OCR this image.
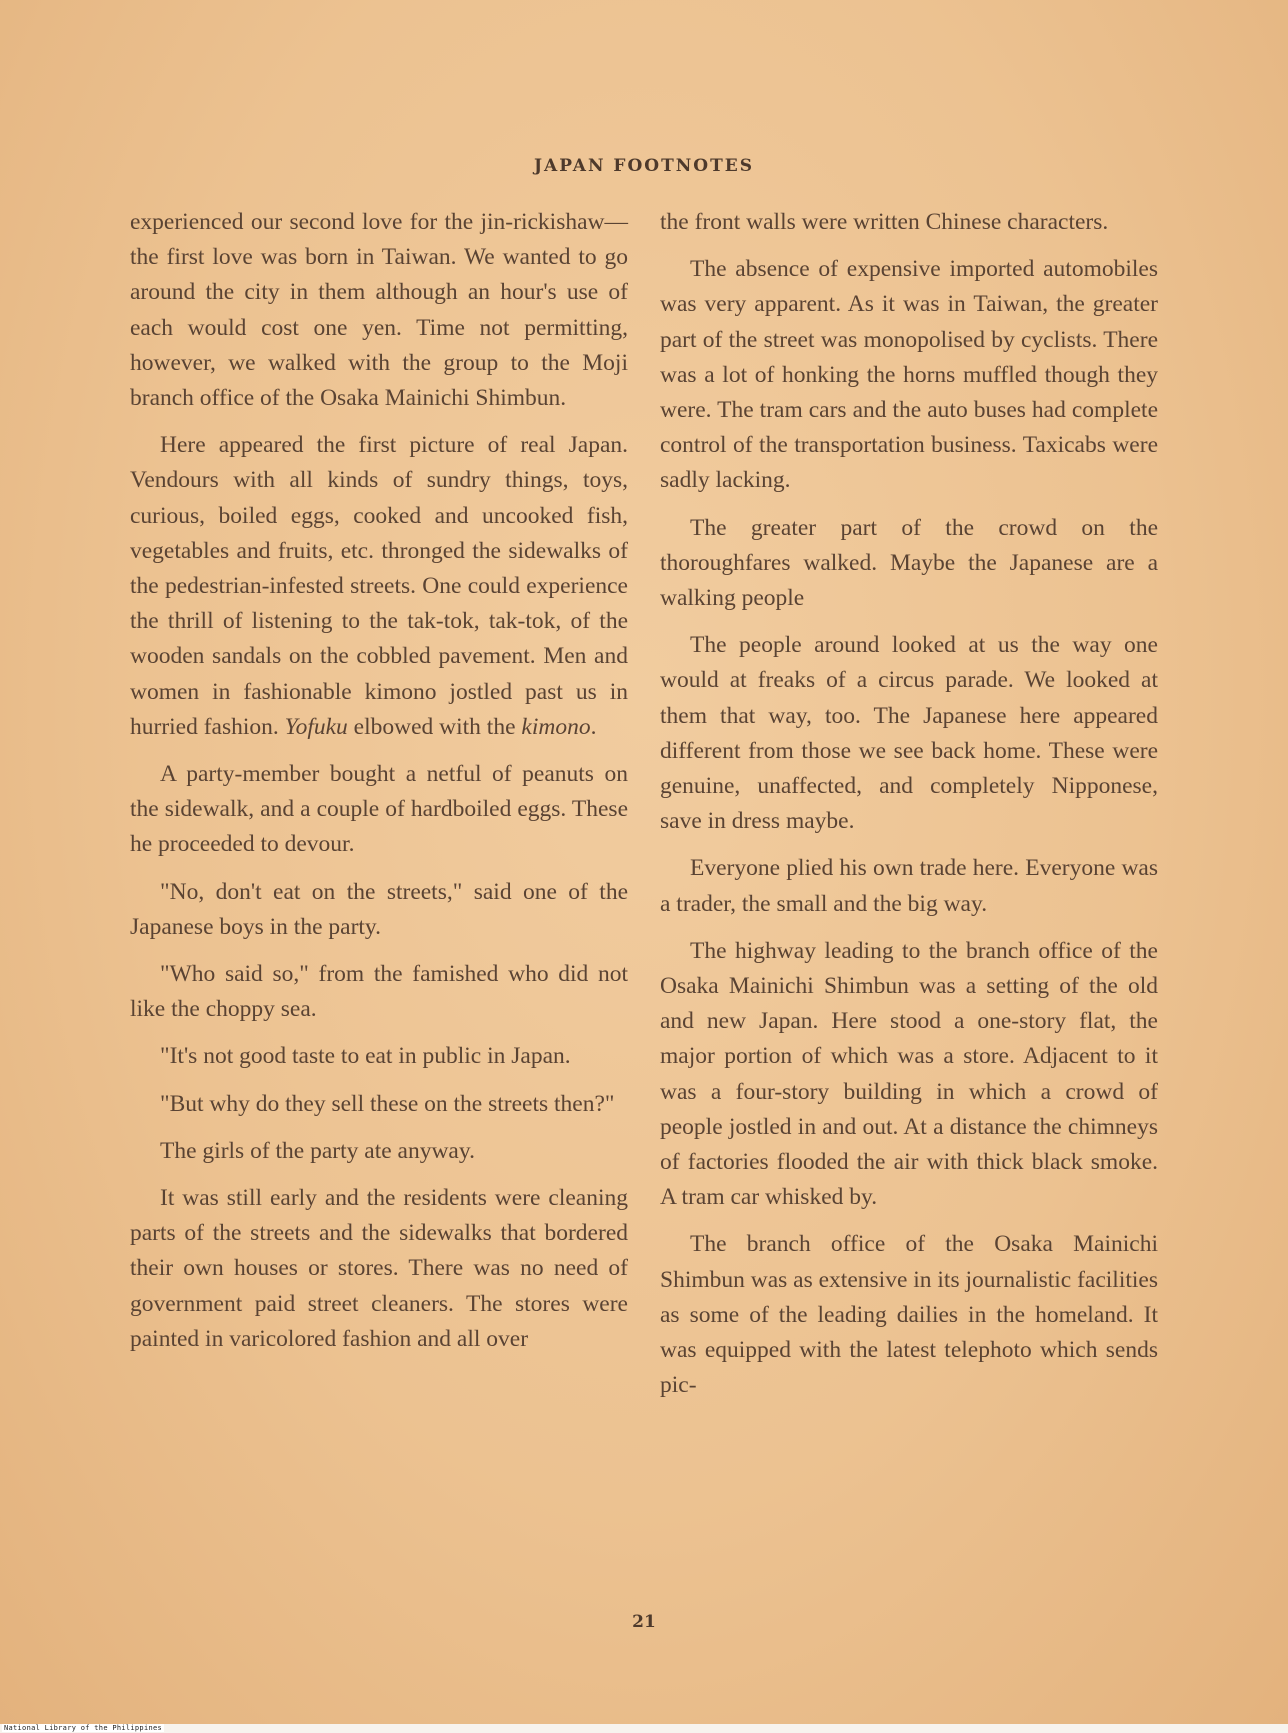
JAPAN FOOTNOTES

experienced our second love for the jin-rickishaw—the first love was born in Taiwan. We wanted to go around the city in them although an hour's use of each would cost one yen. Time not permitting, however, we walked with the group to the Moji branch office of the Osaka Mainichi Shimbun.

Here appeared the first picture of real Japan. Vendours with all kinds of sundry things, toys, curious, boiled eggs, cooked and uncooked fish, vegetables and fruits, etc. thronged the sidewalks of the pedestrian-infested streets. One could experience the thrill of listening to the tak-tok, tak-tok, of the wooden sandals on the cobbled pavement. Men and women in fashionable kimono jostled past us in hurried fashion. Yofuku elbowed with the kimono.

A party-member bought a netful of peanuts on the sidewalk, and a couple of hardboiled eggs. These he proceeded to devour.

"No, don't eat on the streets," said one of the Japanese boys in the party.

"Who said so," from the famished who did not like the choppy sea.

"It's not good taste to eat in public in Japan.

"But why do they sell these on the streets then?"

The girls of the party ate anyway.

It was still early and the residents were cleaning parts of the streets and the sidewalks that bordered their own houses or stores. There was no need of government paid street cleaners. The stores were painted in varicolored fashion and all over

the front walls were written Chinese characters.

The absence of expensive imported automobiles was very apparent. As it was in Taiwan, the greater part of the street was monopolised by cyclists. There was a lot of honking the horns muffled though they were. The tram cars and the auto buses had complete control of the transportation business. Taxicabs were sadly lacking.

The greater part of the crowd on the thoroughfares walked. Maybe the Japanese are a walking people

The people around looked at us the way one would at freaks of a circus parade. We looked at them that way, too. The Japanese here appeared different from those we see back home. These were genuine, unaffected, and completely Nipponese, save in dress maybe.

Everyone plied his own trade here. Everyone was a trader, the small and the big way.

The highway leading to the branch office of the Osaka Mainichi Shimbun was a setting of the old and new Japan. Here stood a one-story flat, the major portion of which was a store. Adjacent to it was a four-story building in which a crowd of people jostled in and out. At a distance the chimneys of factories flooded the air with thick black smoke. A tram car whisked by.

The branch office of the Osaka Mainichi Shimbun was as extensive in its journalistic facilities as some of the leading dailies in the homeland. It was equipped with the latest telephoto which sends pic-

21
National Library of the Philippines
